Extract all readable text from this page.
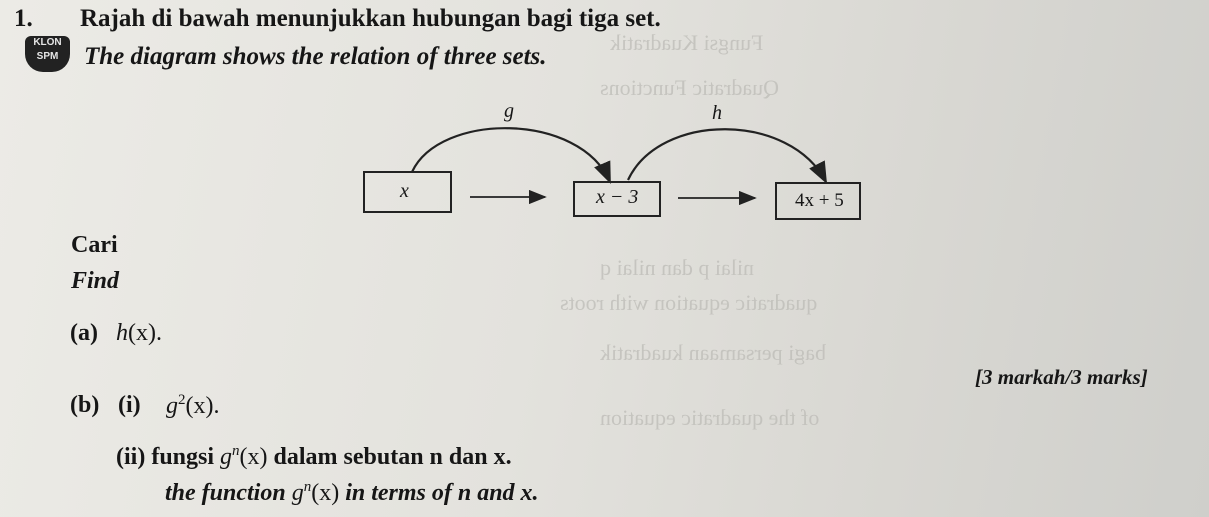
Fungsi Kuadratik
Quadratic Functions
nilai p dan nilai q
quadratic equation with roots
bagi persamaan kuadratik
of the quadratic equation
1. Rajah di bawah menunjukkan hubungan bagi tiga set.
KLON
SPM	The diagram shows the relation of three sets.
g	h
x	x − 3	4x + 5
Cari
Find
(a) h(x).
[3 markah/3 marks]
(b) (i) $g^2(x)$.
(ii) fungsi $g^n(x)$ dalam sebutan n dan x.
the function $g^n(x)$ in terms of n and x.
